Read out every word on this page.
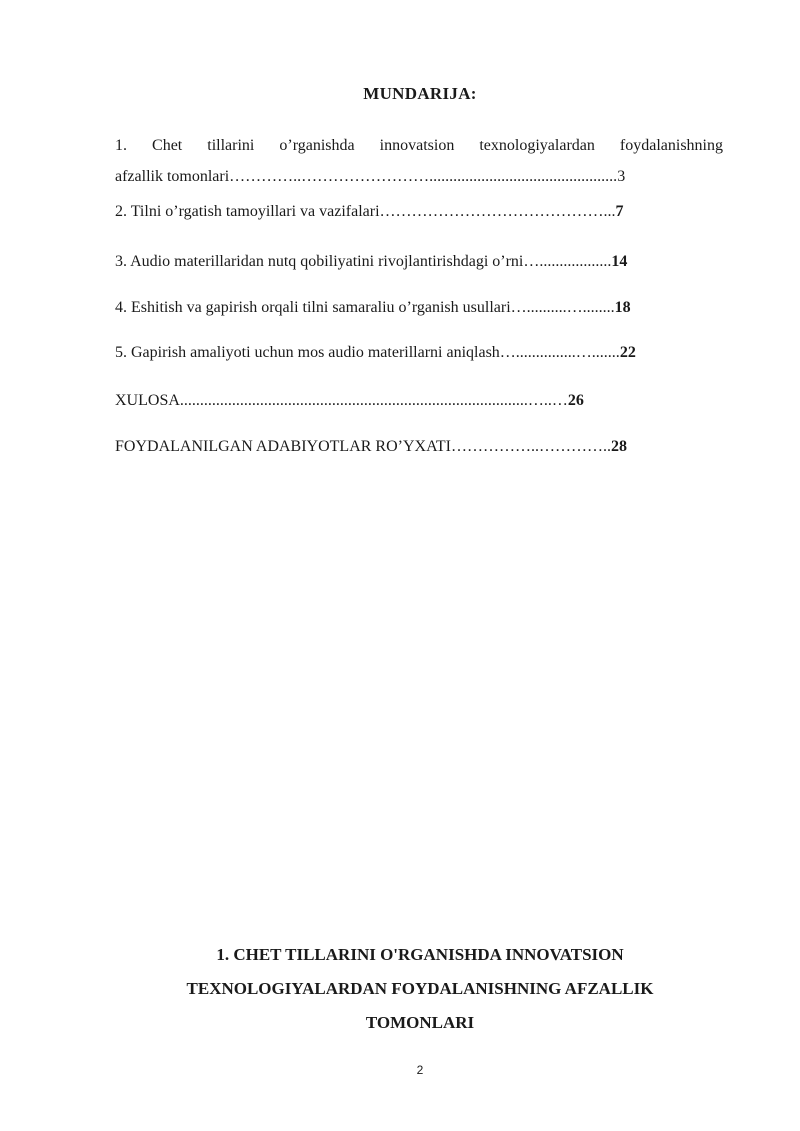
MUNDARIJA:
1. Chet tillarini o’rganishda innovatsion texnologiyalardan foydalanishning
afzallik tomonlari…………..……………………...............................................3
2. Tilni o’rgatish tamoyillari va vazifalari……………………………………...7
3. Audio materillaridan nutq qobiliyatini rivojlantirishdagi o’rni…..................14
4. Eshitish va gapirish orqali tilni samaraliu o’rganish usullari…..........…........18
5. Gapirish amaliyoti uchun mos audio materillarni aniqlash…...............….......22
XULOSA.......................................................................................…..…26
FOYDALANILGAN ADABIYOTLAR RO’YXATI……………..…………..28
1. CHET TILLARINI O'RGANISHDA INNOVATSION
TEXNOLOGIYALARDAN FOYDALANISHNING AFZALLIK
TOMONLARI
2
